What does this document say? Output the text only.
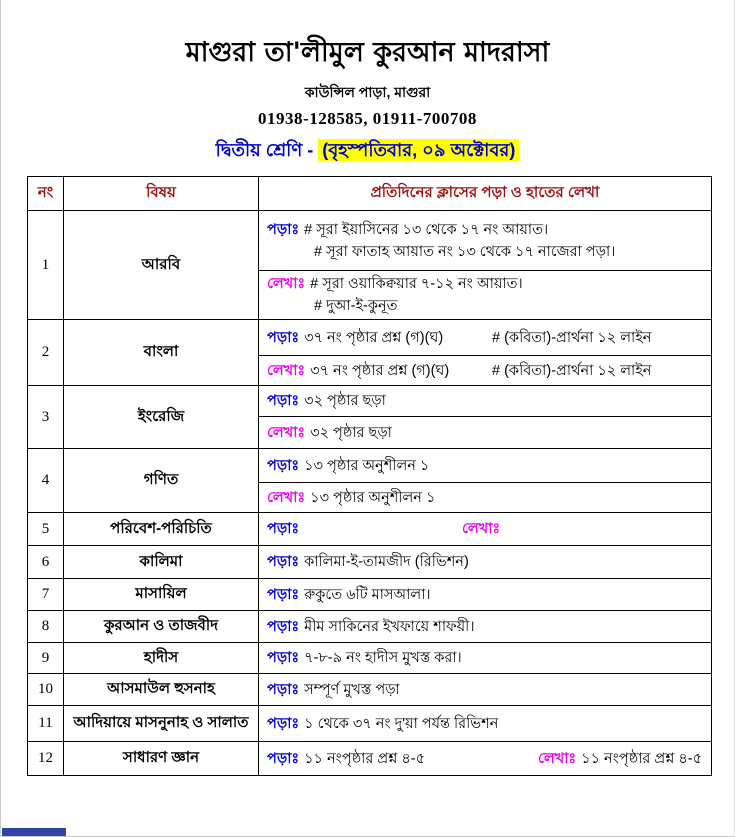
মাগুরা তা'লীমুল কুরআন মাদরাসা
কাউন্সিল পাড়া, মাগুরা
01938-128585, 01911-700708
দ্বিতীয় শ্রেণি - (বৃহস্পতিবার, ০৯ অক্টোবর)
নং	বিষয়	প্রতিদিনের ক্লাসের পড়া ও হাতের লেখা
1	আরবি	পড়াঃ # সূরা ইয়াসিনের ১৩ থেকে ১৭ নং আয়াত।
# সূরা ফাতাহ আয়াত নং ১৩ থেকে ১৭ নাজেরা পড়া।

		লেখাঃ # সূরা ওয়াকিক্বয়ার ৭-১২ নং আয়াত।
# দুআ-ই-কুনূত

2	বাংলা	পড়াঃ ৩৭ নং পৃষ্ঠার প্রশ্ন (গ)(ঘ) # (কবিতা)-প্রার্থনা ১২ লাইন

		লেখাঃ ৩৭ নং পৃষ্ঠার প্রশ্ন (গ)(ঘ) # (কবিতা)-প্রার্থনা ১২ লাইন

3	ইংরেজি	পড়াঃ ৩২ পৃষ্ঠার ছড়া

		লেখাঃ ৩২ পৃষ্ঠার ছড়া

4	গণিত	পড়াঃ ১৩ পৃষ্ঠার অনুশীলন ১

		লেখাঃ ১৩ পৃষ্ঠার অনুশীলন ১

5	পরিবেশ-পরিচিতি	পড়াঃ লেখাঃ

6	কালিমা	পড়াঃ কালিমা-ই-তামজীদ (রিভিশন)

7	মাসায়িল	পড়াঃ রুকুতে ৬টি মাসআলা।

8	কুরআন ও তাজবীদ	পড়াঃ মীম সাকিনের ইখফায়ে শাফয়ী।

9	হাদীস	পড়াঃ ৭-৮-৯ নং হাদীস মুখস্ত করা।

10	আসমাউল হুসনাহ	পড়াঃ সম্পূর্ণ মুখস্ত পড়া

11	আদিয়ায়ে মাসনুনাহ ও সালাত	পড়াঃ ১ থেকে ৩৭ নং দু'য়া পর্যন্ত রিভিশন

12	সাধারণ জ্ঞান	পড়াঃ ১১ নংপৃষ্ঠার প্রশ্ন ৪-৫ লেখাঃ ১১ নংপৃষ্ঠার প্রশ্ন ৪-৫
